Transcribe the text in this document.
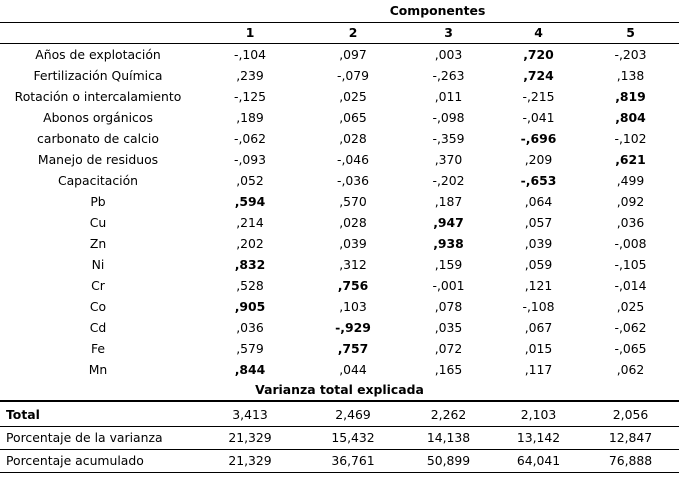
	Componentes				
	1	2	3	4	5
Años de explotación	-,104	,097	,003	,720	-,203
Fertilización Química	,239	-,079	-,263	,724	,138
Rotación o intercalamiento	-,125	,025	,011	-,215	,819
Abonos orgánicos	,189	,065	-,098	-,041	,804
carbonato de calcio	-,062	,028	-,359	-,696	-,102
Manejo de residuos	-,093	-,046	,370	,209	,621
Capacitación	,052	-,036	-,202	-,653	,499
Pb	,594	,570	,187	,064	,092
Cu	,214	,028	,947	,057	,036
Zn	,202	,039	,938	,039	-,008
Ni	,832	,312	,159	,059	-,105
Cr	,528	,756	-,001	,121	-,014
Co	,905	,103	,078	-,108	,025
Cd	,036	-,929	,035	,067	-,062
Fe	,579	,757	,072	,015	-,065
Mn	,844	,044	,165	,117	,062
Varianza total explicada					
Total	3,413	2,469	2,262	2,103	2,056
Porcentaje de la varianza	21,329	15,432	14,138	13,142	12,847
Porcentaje acumulado	21,329	36,761	50,899	64,041	76,888
